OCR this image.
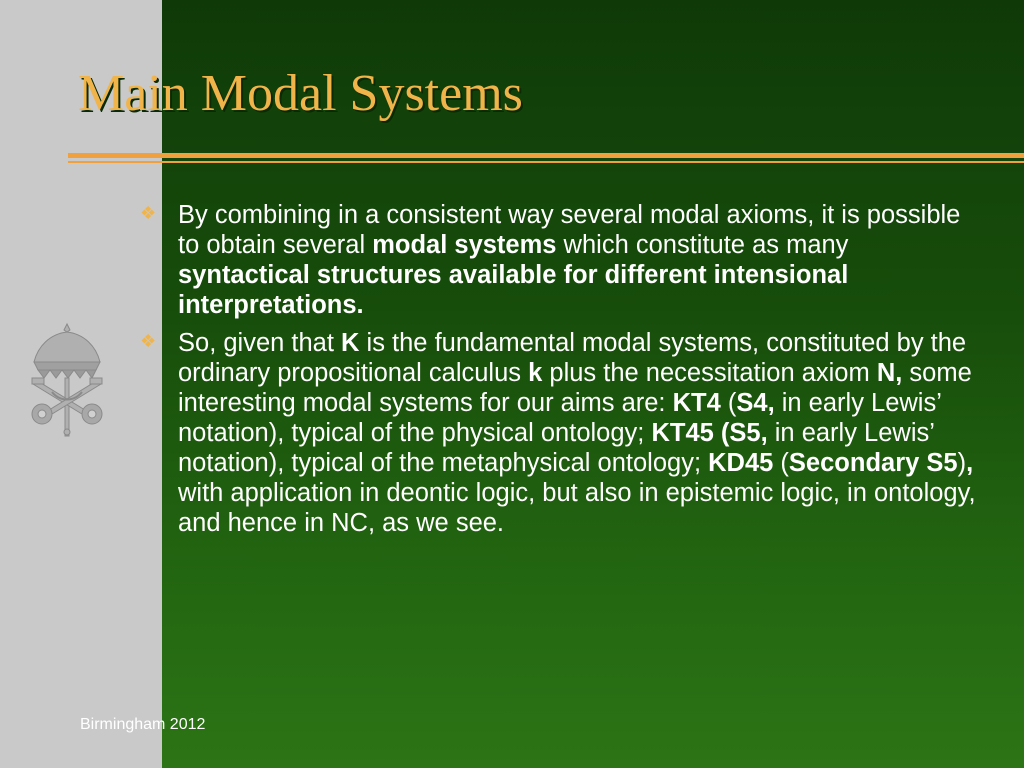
Main Modal Systems
❖ By combining in a consistent way several modal axioms, it is possible to obtain several modal systems which constitute as many syntactical structures available for different intensional interpretations.
❖ So, given that K is the fundamental modal systems, constituted by the ordinary propositional calculus k plus the necessitation axiom N, some interesting modal systems for our aims are: KT4 (S4, in early Lewis’ notation), typical of the physical ontology; KT45 (S5, in early Lewis’ notation), typical of the metaphysical ontology; KD45 (Secondary S5), with application in deontic logic, but also in epistemic logic, in ontology, and hence in NC, as we see.
Birmingham 2012
